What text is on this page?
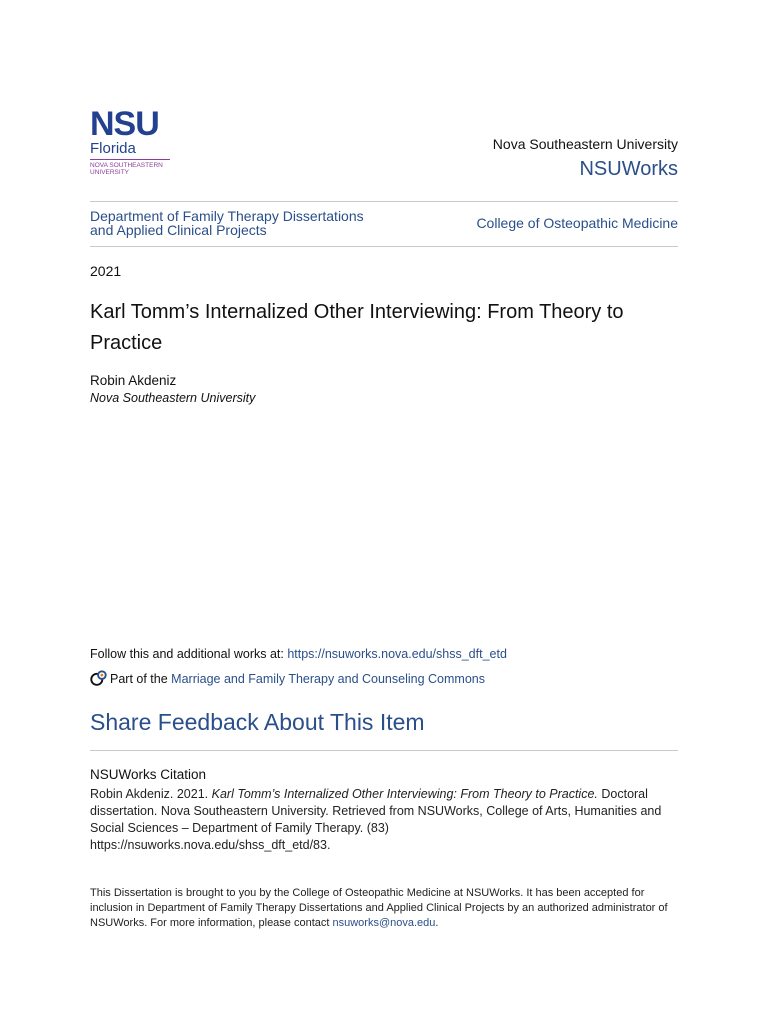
NSU
Florida
NOVA SOUTHEASTERN
UNIVERSITY
Nova Southeastern University
NSUWorks
Department of Family Therapy Dissertations
and Applied Clinical Projects	College of Osteopathic Medicine
2021
Karl Tomm’s Internalized Other Interviewing: From Theory to Practice
Robin Akdeniz
Nova Southeastern University
Follow this and additional works at: https://nsuworks.nova.edu/shss_dft_etd
Part of the
Marriage and Family Therapy and Counseling Commons
Share Feedback About This Item
NSUWorks Citation
Robin Akdeniz. 2021. Karl Tomm’s Internalized Other Interviewing: From Theory to Practice. Doctoral dissertation. Nova Southeastern University. Retrieved from NSUWorks, College of Arts, Humanities and Social Sciences – Department of Family Therapy. (83)
https://nsuworks.nova.edu/shss_dft_etd/83.
This Dissertation is brought to you by the College of Osteopathic Medicine at NSUWorks. It has been accepted for inclusion in Department of Family Therapy Dissertations and Applied Clinical Projects by an authorized administrator of NSUWorks. For more information, please contact nsuworks@nova.edu.
